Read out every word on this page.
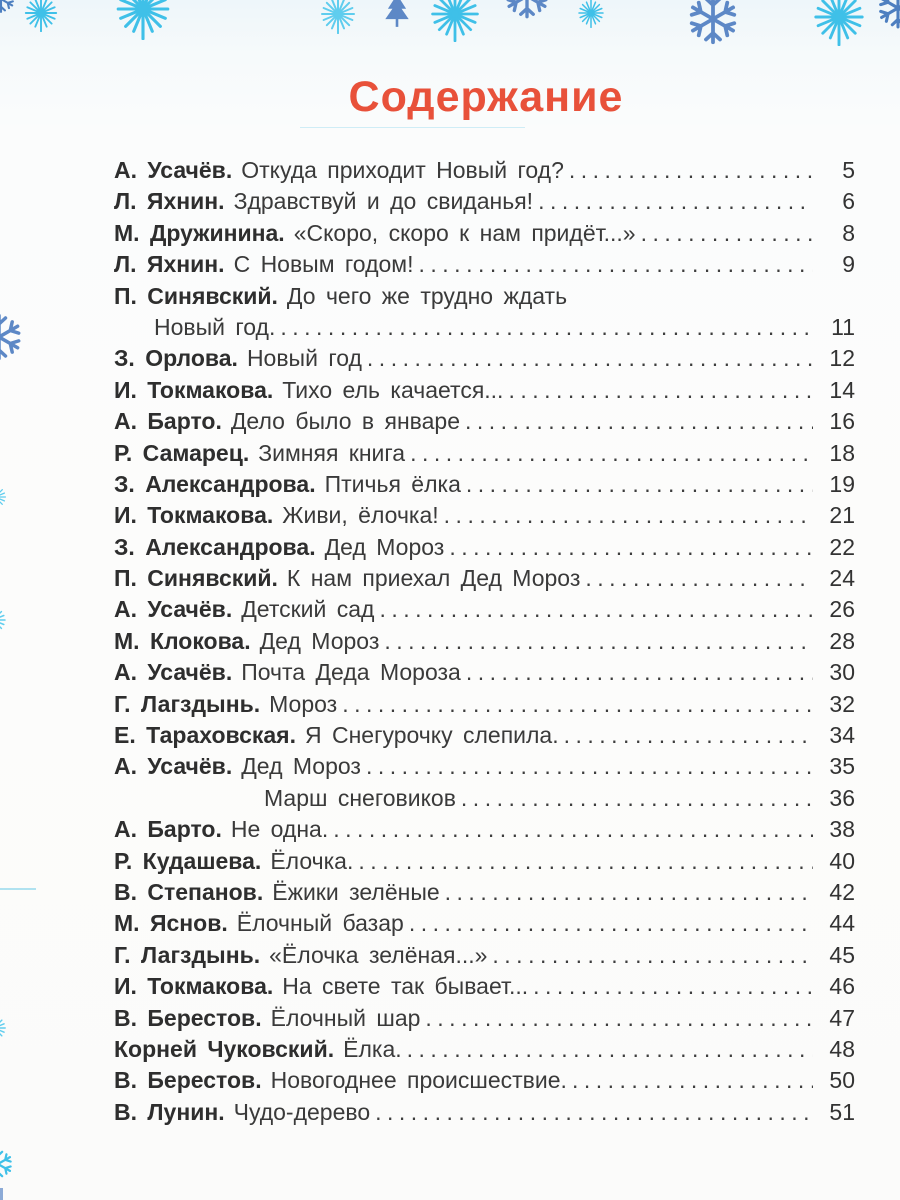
Содержание
А. Усачёв. Откуда приходит Новый год? .....	5
Л. Яхнин. Здравствуй и до свиданья! .....	6
М. Дружинина. «Скоро, скоро к нам придёт...» .....	8
Л. Яхнин. С Новым годом! .....	9
П. Синявский. До чего же трудно ждать
Новый год. .....	11
З. Орлова. Новый год .....	12
И. Токмакова. Тихо ель качается... .....	14
А. Барто. Дело было в январе .....	16
Р. Самарец. Зимняя книга .....	18
З. Александрова. Птичья ёлка .....	19
И. Токмакова. Живи, ёлочка! .....	21
З. Александрова. Дед Мороз .....	22
П. Синявский. К нам приехал Дед Мороз .....	24
А. Усачёв. Детский сад .....	26
М. Клокова. Дед Мороз .....	28
А. Усачёв. Почта Деда Мороза .....	30
Г. Лагздынь. Мороз .....	32
Е. Тараховская. Я Снегурочку слепила. .....	34
А. Усачёв. Дед Мороз .....	35
Марш снеговиков .....	36
А. Барто. Не одна. .....	38
Р. Кудашева. Ёлочка. .....	40
В. Степанов. Ёжики зелёные .....	42
М. Яснов. Ёлочный базар .....	44
Г. Лагздынь. «Ёлочка зелёная...» .....	45
И. Токмакова. На свете так бывает... .....	46
В. Берестов. Ёлочный шар .....	47
Корней Чуковский. Ёлка. .....	48
В. Берестов. Новогоднее происшествие. .....	50
В. Лунин. Чудо-дерево .....	51
